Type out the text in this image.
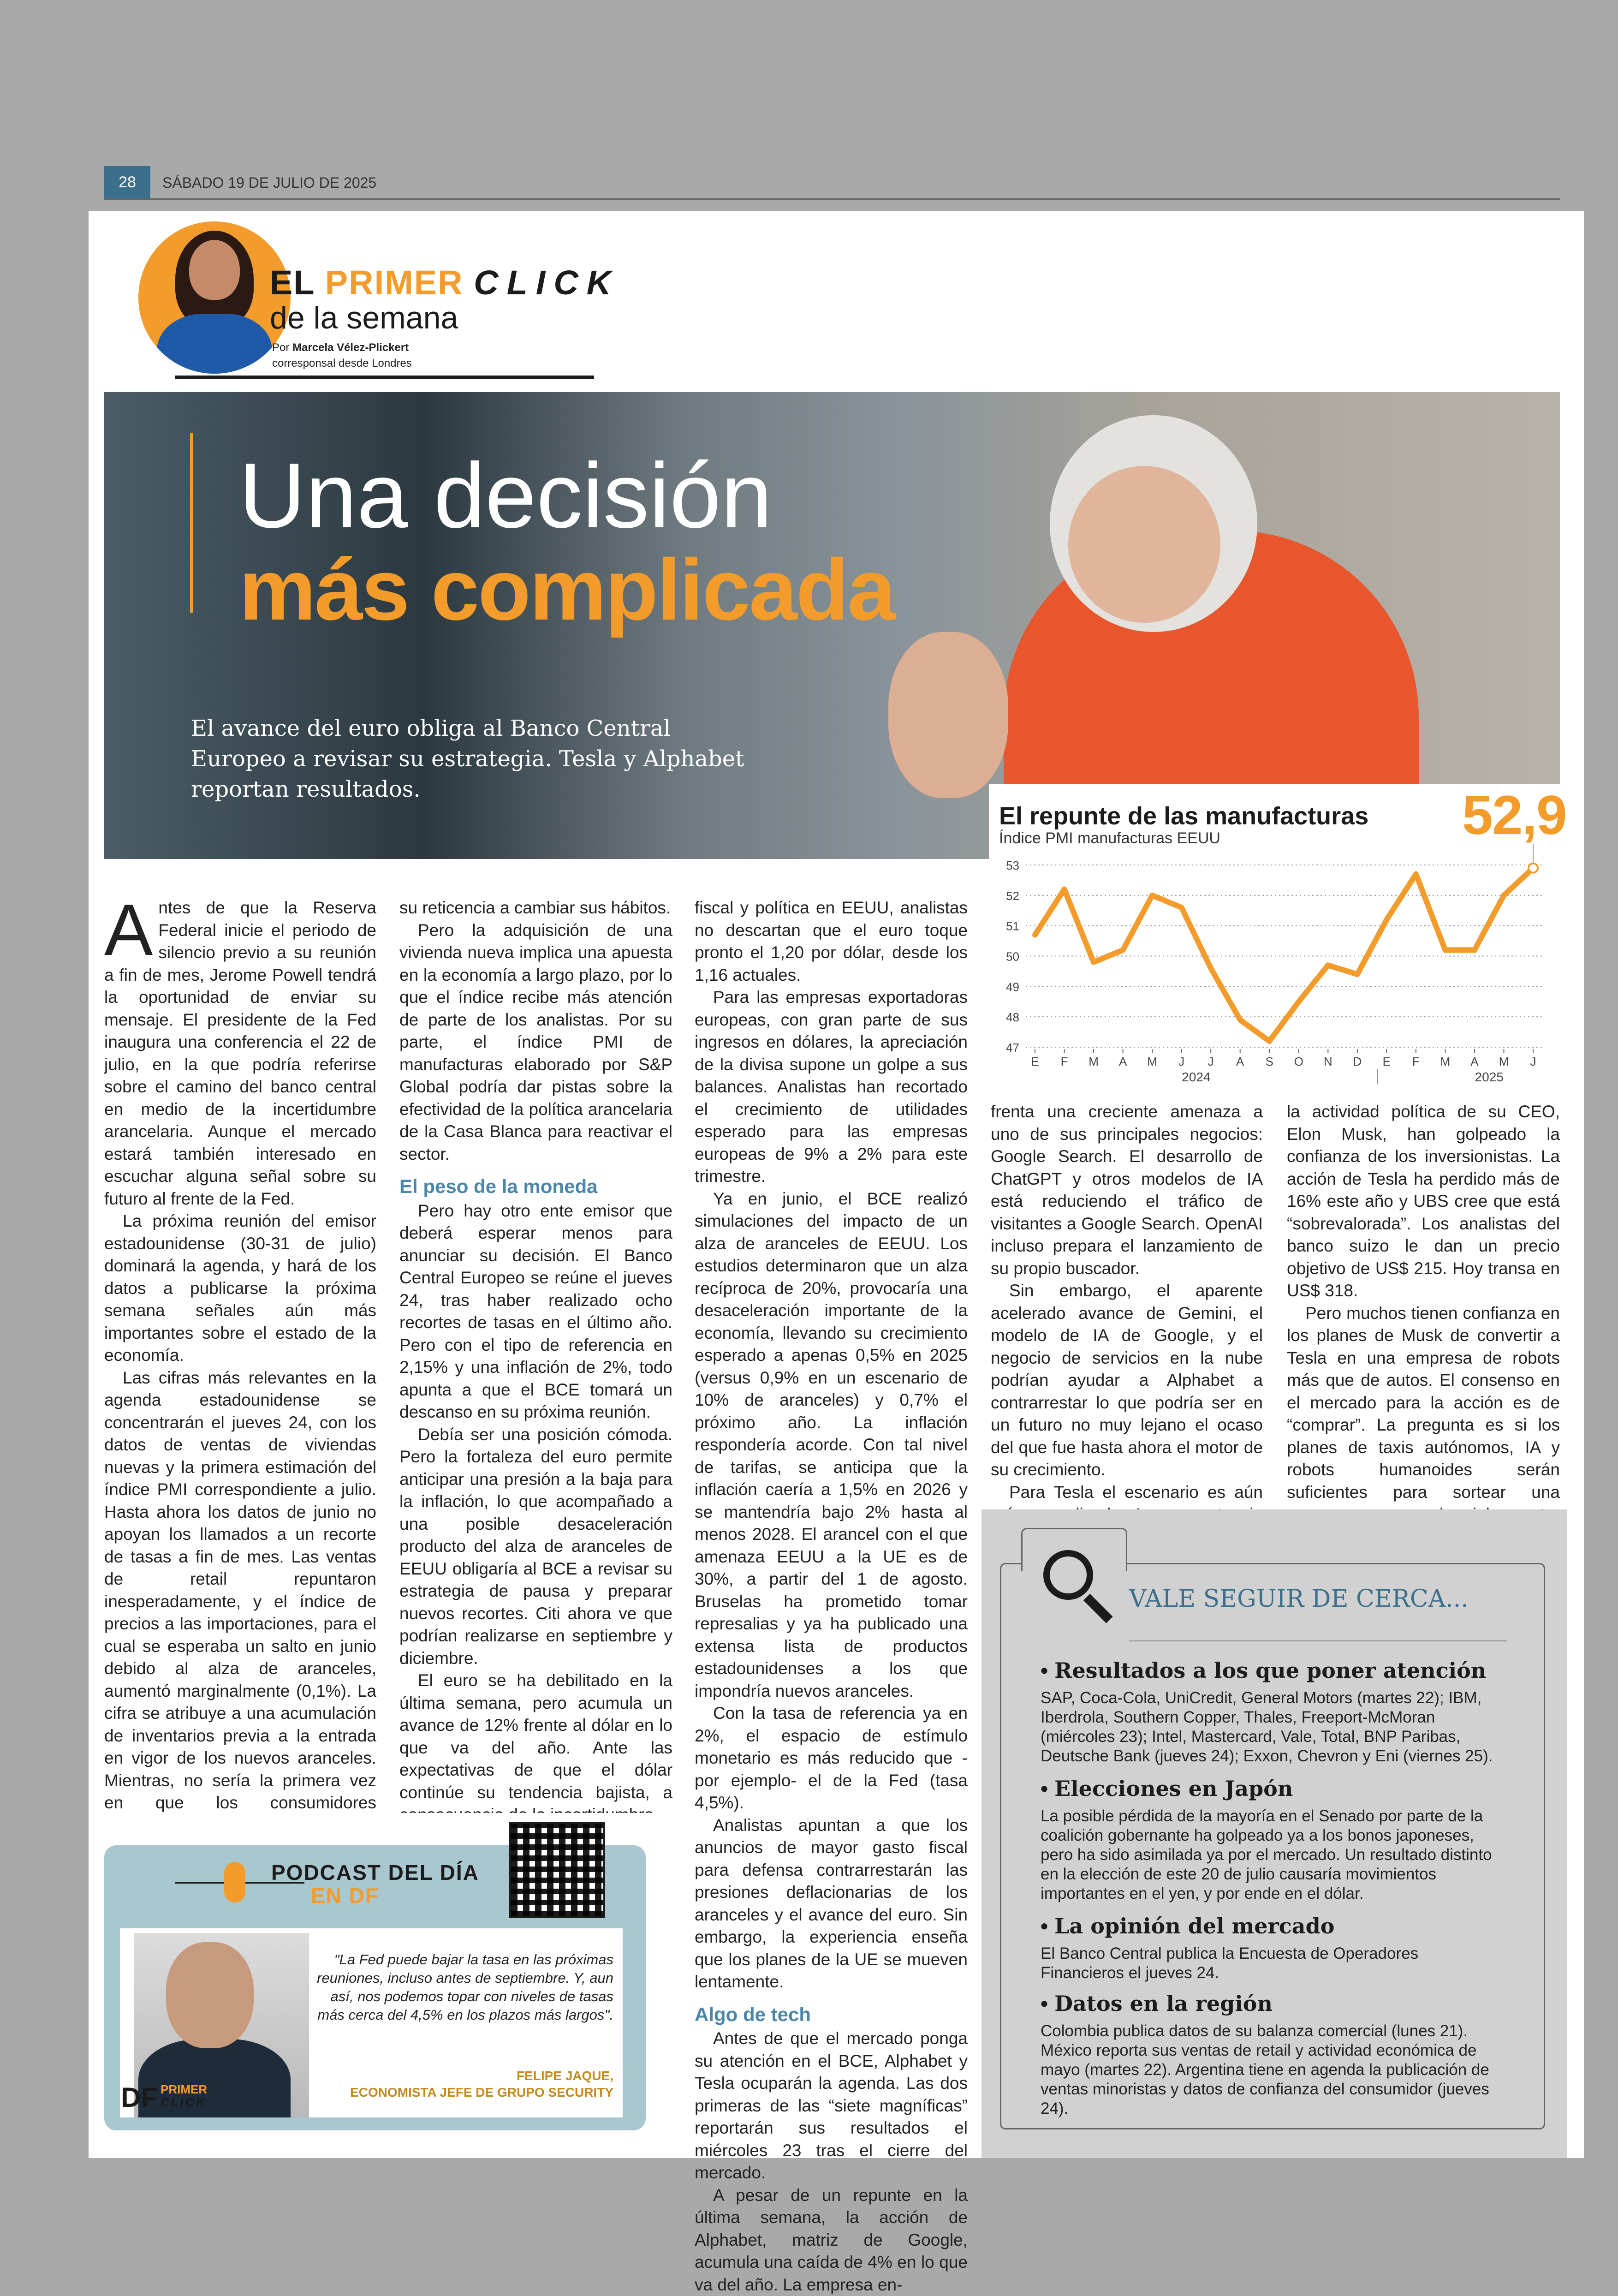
28	SÁBADO 19 DE JULIO DE 2025
EL PRIMER CLICK
de la semana
Por Marcela Vélez-Plickert
corresponsal desde Londres
Una decisión
más complicada
El avance del euro obliga al Banco Central Europeo a revisar su estrategia. Tesla y Alphabet reportan resultados.
El repunte de las manufacturas
Índice PMI manufacturas EEUU	52,9
47
48
49
50
51
52
53
E F M A M J J A S O N D E F M A M J
2024	2025

Antes de que la Reserva Federal inicie el periodo de silencio previo a su reunión a fin de mes, Jerome Powell tendrá la oportunidad de enviar su mensaje. El presidente de la Fed inaugura una conferencia el 22 de julio, en la que podría referirse sobre el camino del banco central en medio de la incertidumbre arancelaria. Aunque el mercado estará también interesado en escuchar alguna señal sobre su futuro al frente de la Fed.

La próxima reunión del emisor estadounidense (30-31 de julio) dominará la agenda, y hará de los datos a publicarse la próxima semana señales aún más importantes sobre el estado de la economía.

Las cifras más relevantes en la agenda estadounidense se concentrarán el jueves 24, con los datos de ventas de viviendas nuevas y la primera estimación del índice PMI correspondiente a julio. Hasta ahora los datos de junio no apoyan los llamados a un recorte de tasas a fin de mes. Las ventas de retail repuntaron inesperadamente, y el índice de precios a las importaciones, para el cual se esperaba un salto en junio debido al alza de aranceles, aumentó marginalmente (0,1%). La cifra se atribuye a una acumulación de inventarios previa a la entrada en vigor de los nuevos aranceles. Mientras, no sería la primera vez en que los consumidores

su reticencia a cambiar sus hábitos.

Pero la adquisición de una vivienda nueva implica una apuesta en la economía a largo plazo, por lo que el índice recibe más atención de parte de los analistas. Por su parte, el índice PMI de manufacturas elaborado por S&P Global podría dar pistas sobre la efectividad de la política arancelaria de la Casa Blanca para reactivar el sector.

El peso de la moneda

Pero hay otro ente emisor que deberá esperar menos para anunciar su decisión. El Banco Central Europeo se reúne el jueves 24, tras haber realizado ocho recortes de tasas en el último año. Pero con el tipo de referencia en 2,15% y una inflación de 2%, todo apunta a que el BCE tomará un descanso en su próxima reunión.

Debía ser una posición cómoda. Pero la fortaleza del euro permite anticipar una presión a la baja para la inflación, lo que acompañado a una posible desaceleración producto del alza de aranceles de EEUU obligaría al BCE a revisar su estrategia de pausa y preparar nuevos recortes. Citi ahora ve que podrían realizarse en septiembre y diciembre.

El euro se ha debilitado en la última semana, pero acumula un avance de 12% frente al dólar en lo que va del año. Ante las expectativas de que el dólar continúe su tendencia bajista, a

fiscal y política en EEUU, analistas no descartan que el euro toque pronto el 1,20 por dólar, desde los 1,16 actuales.

Para las empresas exportadoras europeas, con gran parte de sus ingresos en dólares, la apreciación de la divisa supone un golpe a sus balances. Analistas han recortado el crecimiento de utilidades esperado para las empresas europeas de 9% a 2% para este trimestre.

Ya en junio, el BCE realizó simulaciones del impacto de un alza de aranceles de EEUU. Los estudios determinaron que un alza recíproca de 20%, provocaría una desaceleración importante de la economía, llevando su crecimiento esperado a apenas 0,5% en 2025 (versus 0,9% en un escenario de 10% de aranceles) y 0,7% el próximo año. La inflación respondería acorde. Con tal nivel de tarifas, se anticipa que la inflación caería a 1,5% en 2026 y se mantendría bajo 2% hasta al menos 2028. El arancel con el que amenaza EEUU a la UE es de 30%, a partir del 1 de agosto. Bruselas ha prometido tomar represalias y ya ha publicado una extensa lista de productos estadounidenses a los que impondría nuevos aranceles.

Con la tasa de referencia ya en 2%, el espacio de estímulo monetario es más reducido que -por ejemplo- el de la Fed (tasa 4,5%).

Analistas apuntan a que los anuncios de mayor gasto fiscal para defensa contrarrestarán las presiones deflacionarias de los aranceles y el avance del euro. Sin embargo, la experiencia enseña que los planes de la UE se mueven lentamente.

Algo de tech

Antes de que el mercado ponga su atención en el BCE, Alphabet y Tesla ocuparán la agenda. Las dos primeras de las “siete magníficas” reportarán sus resultados el miércoles 23 tras el cierre del mercado.

A pesar de un repunte en la última semana, la acción de Alphabet, matriz de Google, acumula una caída de 4% en lo que va del año. La empresa en-

frenta una creciente amenaza a uno de sus principales negocios: Google Search. El desarrollo de ChatGPT y otros modelos de IA está reduciendo el tráfico de visitantes a Google Search. OpenAI incluso prepara el lanzamiento de su propio buscador.

Sin embargo, el aparente acelerado avance de Gemini, el modelo de IA de Google, y el negocio de servicios en la nube podrían ayudar a Alphabet a contrarrestar lo que podría ser en un futuro no muy lejano el ocaso del que fue hasta ahora el motor de su crecimiento.

Para Tesla el escenario es aún

la actividad política de su CEO, Elon Musk, han golpeado la confianza de los inversionistas. La acción de Tesla ha perdido más de 16% este año y UBS cree que está “sobrevalorada”. Los analistas del banco suizo le dan un precio objetivo de US$ 215. Hoy transa en US$ 318.

Pero muchos tienen confianza en los planes de Musk de convertir a Tesla en una empresa de robots más que de autos. El consenso en el mercado para la acción es de “comprar”. La pregunta es si los planes de taxis autónomos, IA y robots humanoides serán suficientes para sortear una

PODCAST DEL DÍA
EN DF
"La Fed puede bajar la tasa en las próximas reuniones, incluso antes de septiembre. Y, aun así, nos podemos topar con niveles de tasas más cerca del 4,5% en los plazos más largos".
FELIPE JAQUE,
ECONOMISTA JEFE DE GRUPO SECURITY
DF PRIMER
CLICK
VALE SEGUIR DE CERCA...
• Resultados a los que poner atención
SAP, Coca-Cola, UniCredit, General Motors (martes 22); IBM, Iberdrola, Southern Copper, Thales, Freeport-McMoran (miércoles 23); Intel, Mastercard, Vale, Total, BNP Paribas, Deutsche Bank (jueves 24); Exxon, Chevron y Eni (viernes 25).
• Elecciones en Japón
La posible pérdida de la mayoría en el Senado por parte de la coalición gobernante ha golpeado ya a los bonos japoneses, pero ha sido asimilada ya por el mercado. Un resultado distinto en la elección de este 20 de julio causaría movimientos importantes en el yen, y por ende en el dólar.
• La opinión del mercado
El Banco Central publica la Encuesta de Operadores Financieros el jueves 24.
• Datos en la región
Colombia publica datos de su balanza comercial (lunes 21). México reporta sus ventas de retail y actividad económica de mayo (martes 22). Argentina tiene en agenda la publicación de ventas minoristas y datos de confianza del consumidor (jueves 24).
